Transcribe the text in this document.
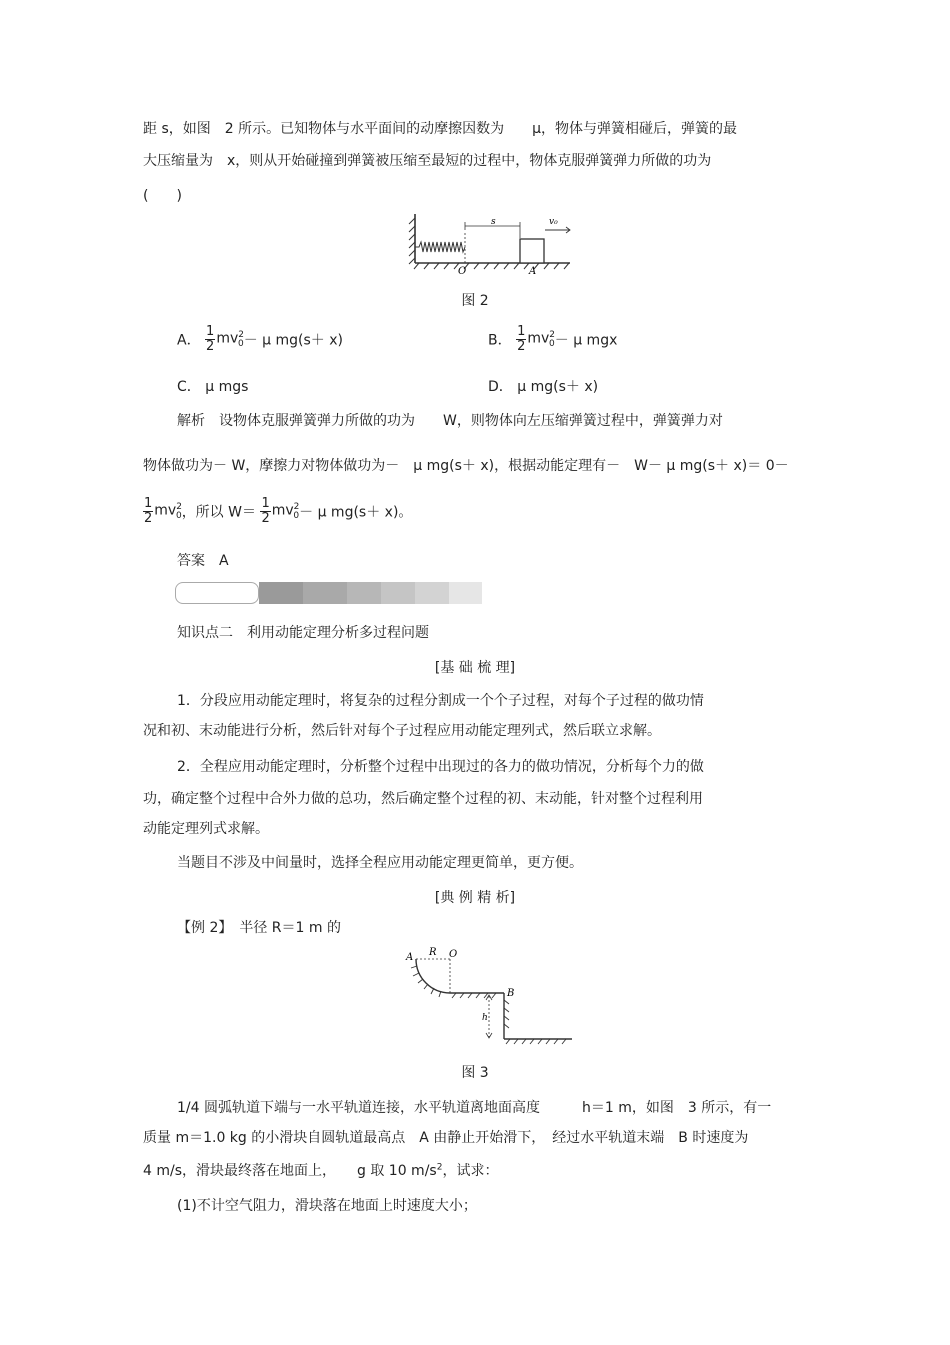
距 s，如图　2 所示。已知物体与水平面间的动摩擦因数为　　μ，物体与弹簧相碰后，弹簧的最
大压缩量为　x，则从开始碰撞到弹簧被压缩至最短的过程中，物体克服弹簧弹力所做的功为
(　　)
s	v₀
O	A
图 2
A． $\frac{1}{2} mv^2_0- \mu$ mg(s＋ x)	B． $\frac{1}{2} mv^2_0- \mu$ mgx
C． μ mgs	D． μ mg(s＋ x)
解析　设物体克服弹簧弹力所做的功为　　W，则物体向左压缩弹簧过程中，弹簧弹力对
物体做功为－ W，摩擦力对物体做功为－　μ mg(s＋ x)，根据动能定理有－　W－ μ mg(s＋ x)＝ 0－
$\frac{1}{2} mv^2_0$，所以 $W= \frac{1}{2} mv^2_0- \mu$ mg(s＋ x)。
答案　A
知识点二　利用动能定理分析多过程问题
[基 础 梳 理]
1．分段应用动能定理时，将复杂的过程分割成一个个子过程，对每个子过程的做功情
况和初、末动能进行分析，然后针对每个子过程应用动能定理列式，然后联立求解。
2．全程应用动能定理时，分析整个过程中出现过的各力的做功情况，分析每个力的做
功，确定整个过程中合外力做的总功，然后确定整个过程的初、末动能，针对整个过程利用
动能定理列式求解。
当题目不涉及中间量时，选择全程应用动能定理更简单，更方便。
[典 例 精 析]
【例 2】　半径 R＝1 m 的
A R O
B
h
图 3
1/4 圆弧轨道下端与一水平轨道连接，水平轨道离地面高度　　　h＝1 m，如图　3 所示，有一
质量 m＝1.0 kg 的小滑块自圆轨道最高点　A 由静止开始滑下，　经过水平轨道末端　B 时速度为
4 m/s，滑块最终落在地面上，　　g 取 10 $m/s^2$，试求：
(1)不计空气阻力，滑块落在地面上时速度大小；
